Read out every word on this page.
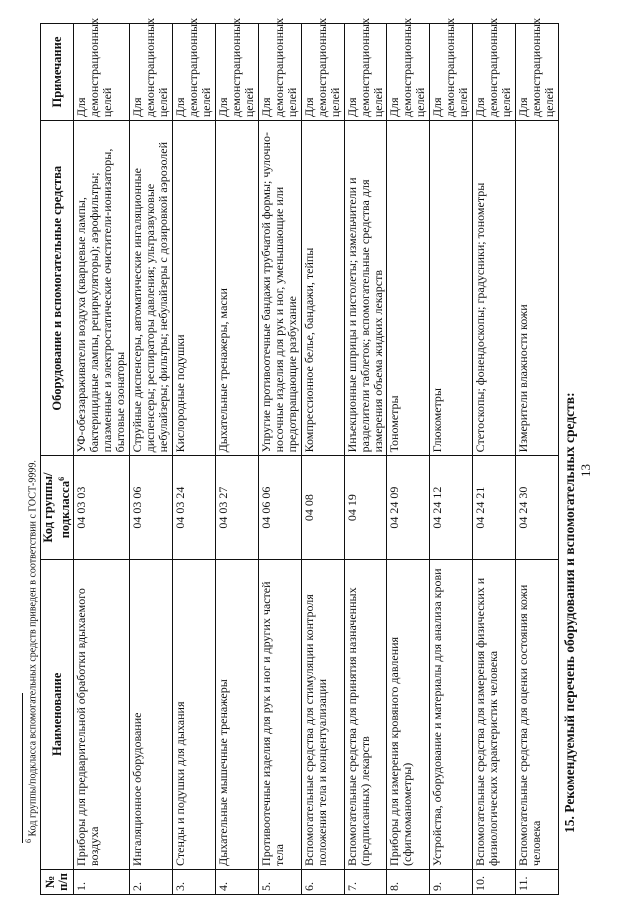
13
15. Рекомендуемый перечень оборудования и вспомогательных средств:
№ п/п	Наименование	Код группы/подкласса$^6$	Оборудование и вспомогательные средства	Примечание
1.	Приборы для предварительной обработки вдыхаемого воздуха	04 03 03	УФ-обеззараживатели воздуха (кварцевые лампы, бактерицидные лампы, рециркуляторы); аэрофильтры; плазменные и электростатические очистители-ионизаторы, бытовые озонаторы	Для демонстрационных целей
2.	Ингаляционное оборудование	04 03 06	Струйные диспенсеры, автоматические ингаляционные диспенсеры; респираторы давления; ультразвуковые небулайзеры; фильтры; небулайзеры с дозировкой аэрозолей	Для демонстрационных целей
3.	Стенды и подушки для дыхания	04 03 24	Кислородные подушки	Для демонстрационных целей
4.	Дыхательные мышечные тренажеры	04 03 27	Дыхательные тренажеры, маски	Для демонстрационных целей
5.	Противоотечные изделия для рук и ног и других частей тела	04 06 06	Упругие противоотечные бандажи трубчатой формы; чулочно-носочные изделия для рук и ног, уменьшающие или предотвращающие разбухание	Для демонстрационных целей
6.	Вспомогательные средства для стимуляции контроля положения тела и концентуализации	04 08	Компрессионное белье, бандажи, тейпы	Для демонстрационных целей
7.	Вспомогательные средства для принятия назначенных (предписанных) лекарств	04 19	Инъекционные шприцы и пистолеты; измельчители и разделители таблеток; вспомогательные средства для измерения объема жидких лекарств	Для демонстрационных целей
8.	Приборы для измерения кровяного давления (сфигмоманометры)	04 24 09	Тонометры	Для демонстрационных целей
9.	Устройства, оборудование и материалы для анализа крови	04 24 12	Глюкометры	Для демонстрационных целей
10.	Вспомогательные средства для измерения физических и физиологических характеристик человека	04 24 21	Стетоскопы; фонендоскопы; градусники; тонометры	Для демонстрационных целей
11.	Вспомогательные средства для оценки состояния кожи человека	04 24 30	Измерители влажности кожи	Для демонстрационных целей
$^6$ Код группы/подкласса вспомогательных средств приведен в соответствии с ГОСТ-9999.
